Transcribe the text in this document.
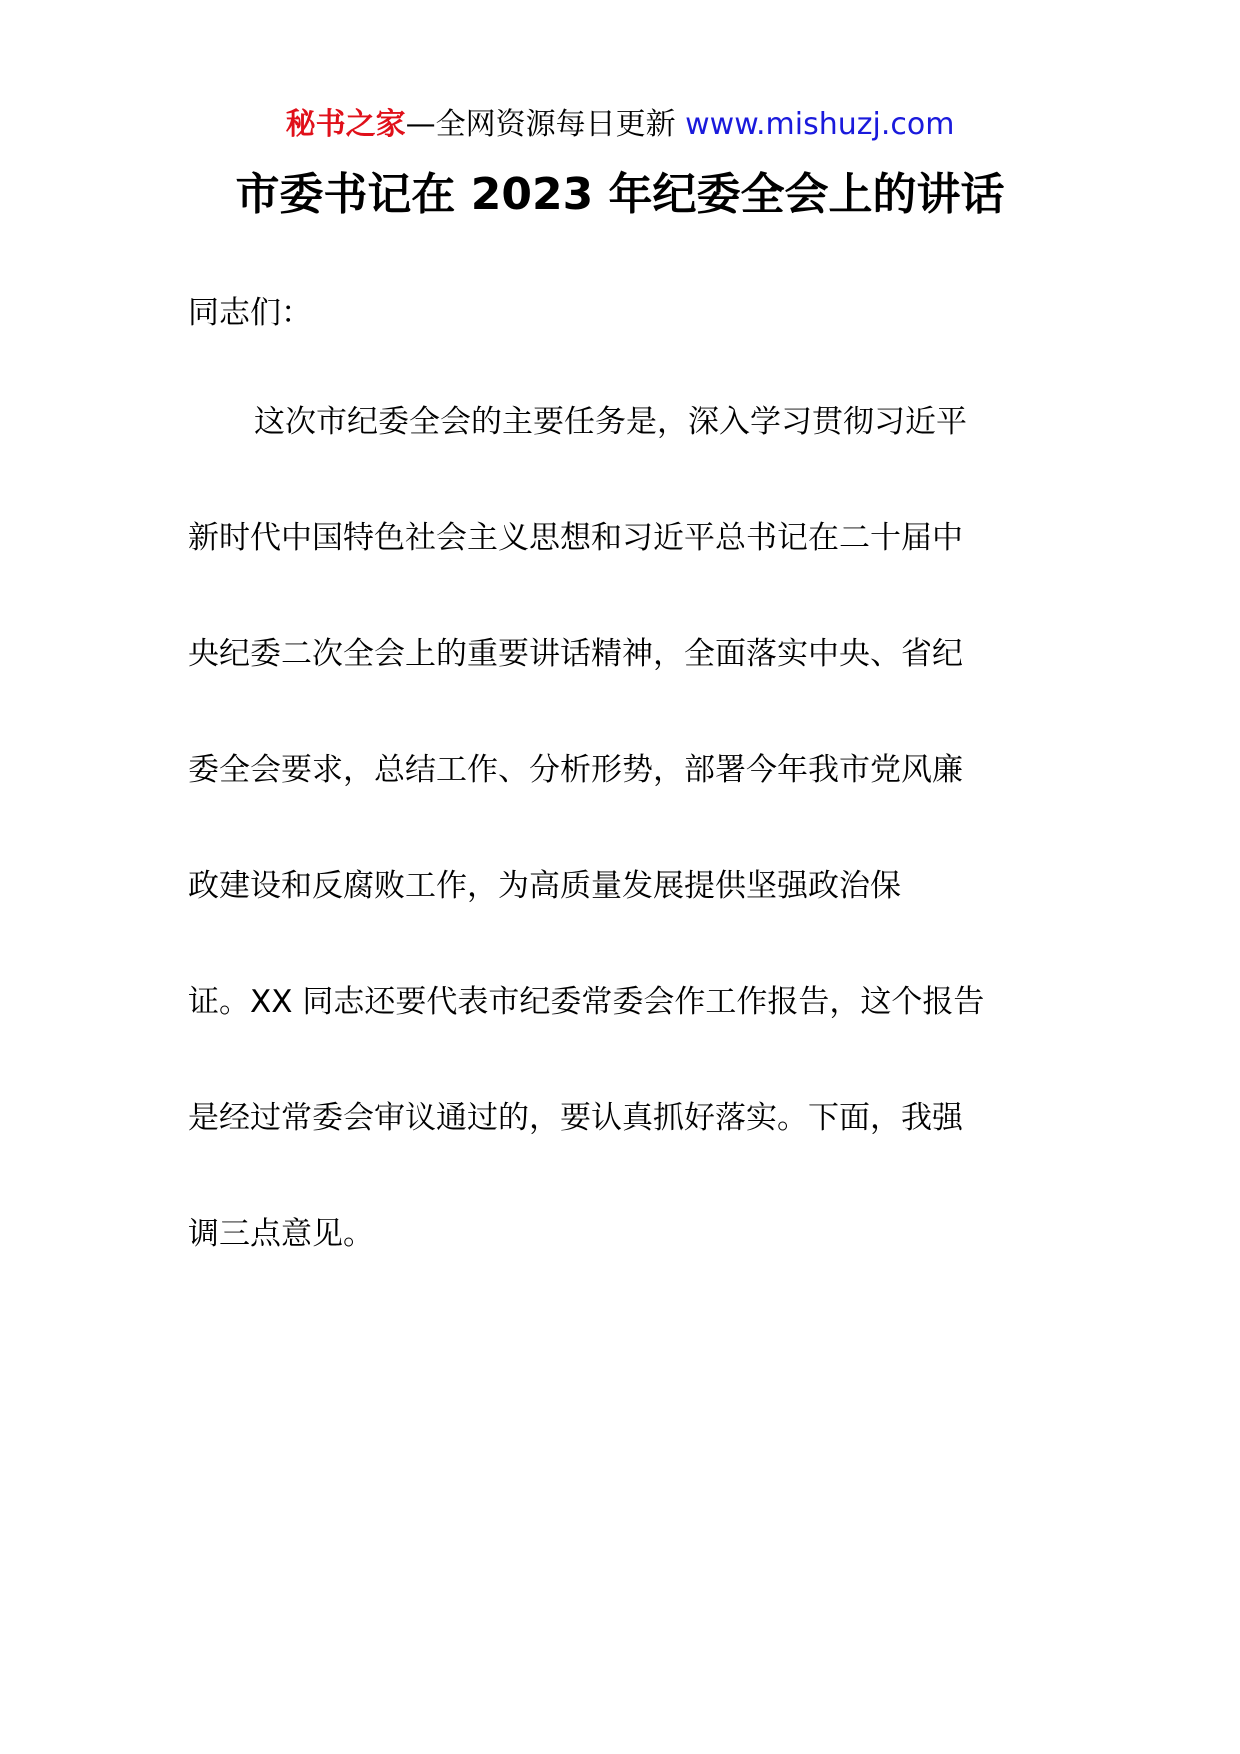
秘书之家—全网资源每日更新 www.mishuzj.com
市委书记在 2023 年纪委全会上的讲话
同志们：
这次市纪委全会的主要任务是，深入学习贯彻习近平
新时代中国特色社会主义思想和习近平总书记在二十届中
央纪委二次全会上的重要讲话精神，全面落实中央、省纪
委全会要求，总结工作、分析形势，部署今年我市党风廉
政建设和反腐败工作，为高质量发展提供坚强政治保
证。XX 同志还要代表市纪委常委会作工作报告，这个报告
是经过常委会审议通过的，要认真抓好落实。下面，我强
调三点意见。
